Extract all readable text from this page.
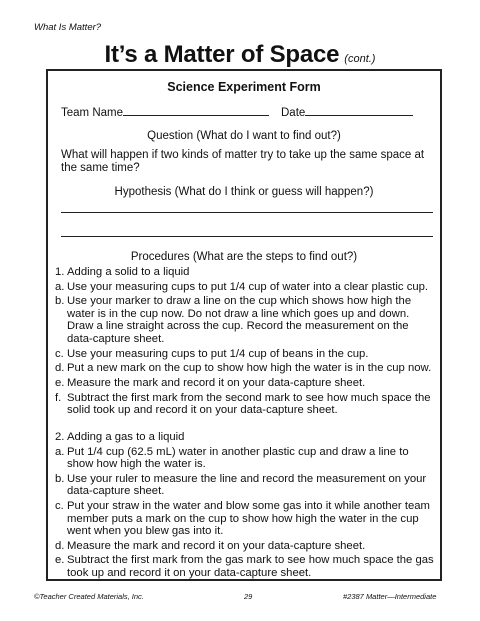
What Is Matter?
It’s a Matter of Space (cont.)
Science Experiment Form
Team Name	Date
Question (What do I want to find out?)
What will happen if two kinds of matter try to take up the same space at the same time?
Hypothesis (What do I think or guess will happen?)
Procedures (What are the steps to find out?)
1. Adding a solid to a liquid
a. Use your measuring cups to put 1/4 cup of water into a clear plastic cup.
b. Use your marker to draw a line on the cup which shows how high the water is in the cup now. Do not draw a line which goes up and down. Draw a line straight across the cup. Record the measurement on the data-capture sheet.
c. Use your measuring cups to put 1/4 cup of beans in the cup.
d. Put a new mark on the cup to show how high the water is in the cup now.
e. Measure the mark and record it on your data-capture sheet.
f. Subtract the first mark from the second mark to see how much space the solid took up and record it on your data-capture sheet.
2. Adding a gas to a liquid
a. Put 1/4 cup (62.5 mL) water in another plastic cup and draw a line to show how high the water is.
b. Use your ruler to measure the line and record the measurement on your data-capture sheet.
c. Put your straw in the water and blow some gas into it while another team member puts a mark on the cup to show how high the water in the cup went when you blew gas into it.
d. Measure the mark and record it on your data-capture sheet.
e. Subtract the first mark from the gas mark to see how much space the gas took up and record it on your data-capture sheet.
©Teacher Created Materials, Inc.	29	#2387 Matter—Intermediate
